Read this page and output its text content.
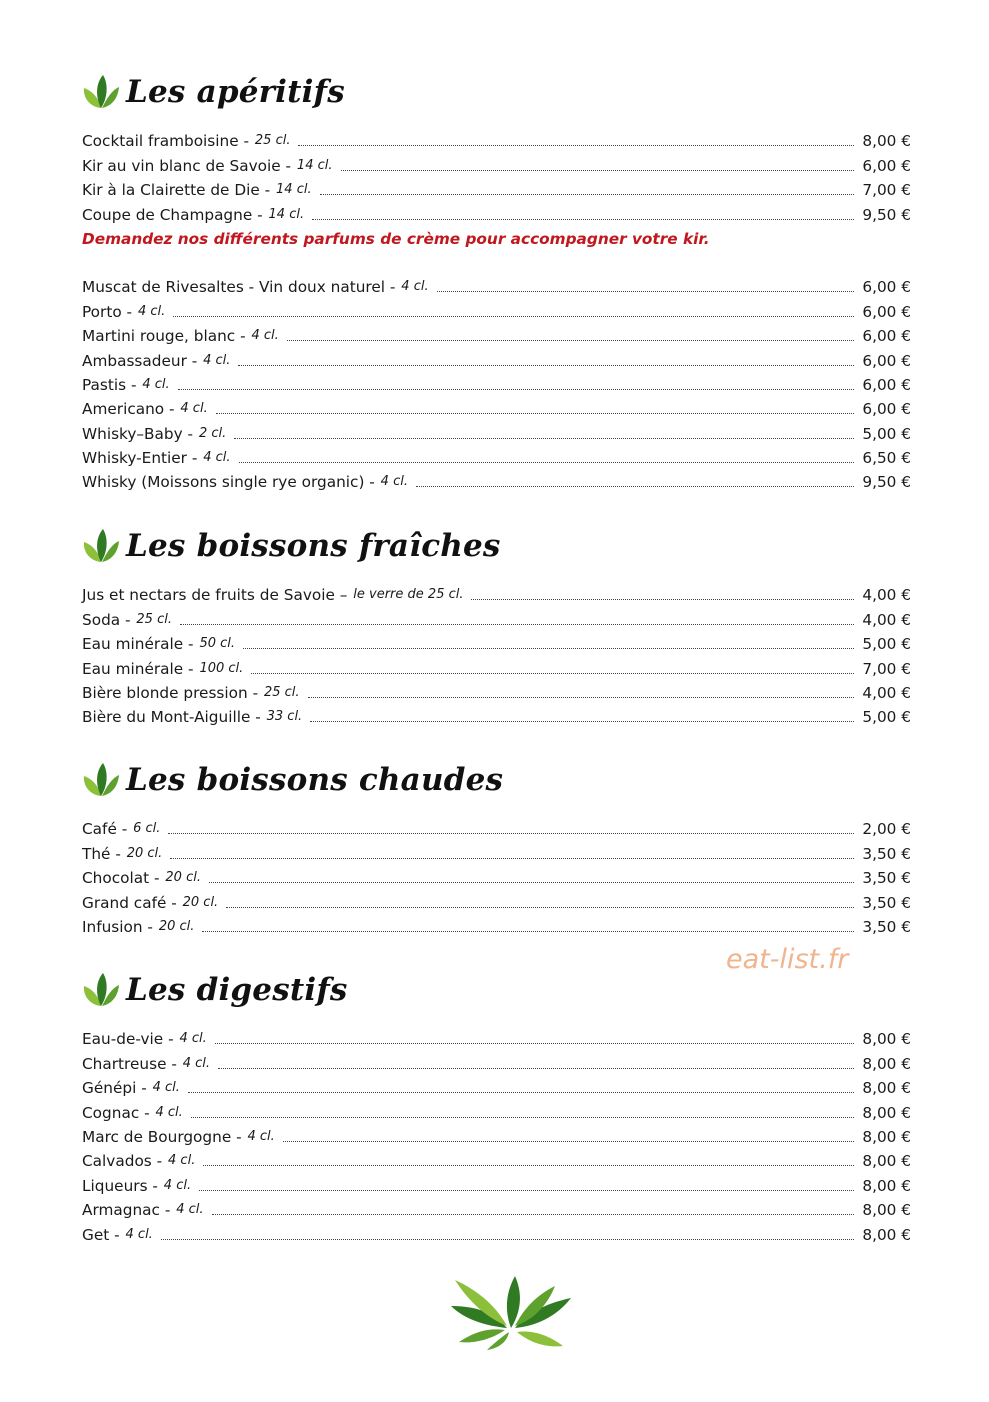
Les apéritifs
Cocktail framboisine - 25 cl.	8,00 €
Kir au vin blanc de Savoie - 14 cl.	6,00 €
Kir à la Clairette de Die - 14 cl.	7,00 €
Coupe de Champagne - 14 cl.	9,50 €
Demandez nos différents parfums de crème pour accompagner votre kir.
Muscat de Rivesaltes - Vin doux naturel - 4 cl.	6,00 €
Porto - 4 cl.	6,00 €
Martini rouge, blanc - 4 cl.	6,00 €
Ambassadeur - 4 cl.	6,00 €
Pastis - 4 cl.	6,00 €
Americano - 4 cl.	6,00 €
Whisky–Baby - 2 cl.	5,00 €
Whisky-Entier - 4 cl.	6,50 €
Whisky (Moissons single rye organic) - 4 cl.	9,50 €
Les boissons fraîches
Jus et nectars de fruits de Savoie –
le verre de 25 cl.	4,00 €
Soda - 25 cl.	4,00 €
Eau minérale - 50 cl.	5,00 €
Eau minérale - 100 cl.	7,00 €
Bière blonde pression - 25 cl.	4,00 €
Bière du Mont-Aiguille - 33 cl.	5,00 €
Les boissons chaudes
Café - 6 cl.	2,00 €
Thé - 20 cl.	3,50 €
Chocolat - 20 cl.	3,50 €
Grand café - 20 cl.	3,50 €
Infusion - 20 cl.	3,50 €
eat-list.fr
Les digestifs
Eau-de-vie - 4 cl.	8,00 €
Chartreuse - 4 cl.	8,00 €
Génépi - 4 cl.	8,00 €
Cognac - 4 cl.	8,00 €
Marc de Bourgogne - 4 cl.	8,00 €
Calvados - 4 cl.	8,00 €
Liqueurs - 4 cl.	8,00 €
Armagnac - 4 cl.	8,00 €
Get - 4 cl.	8,00 €
